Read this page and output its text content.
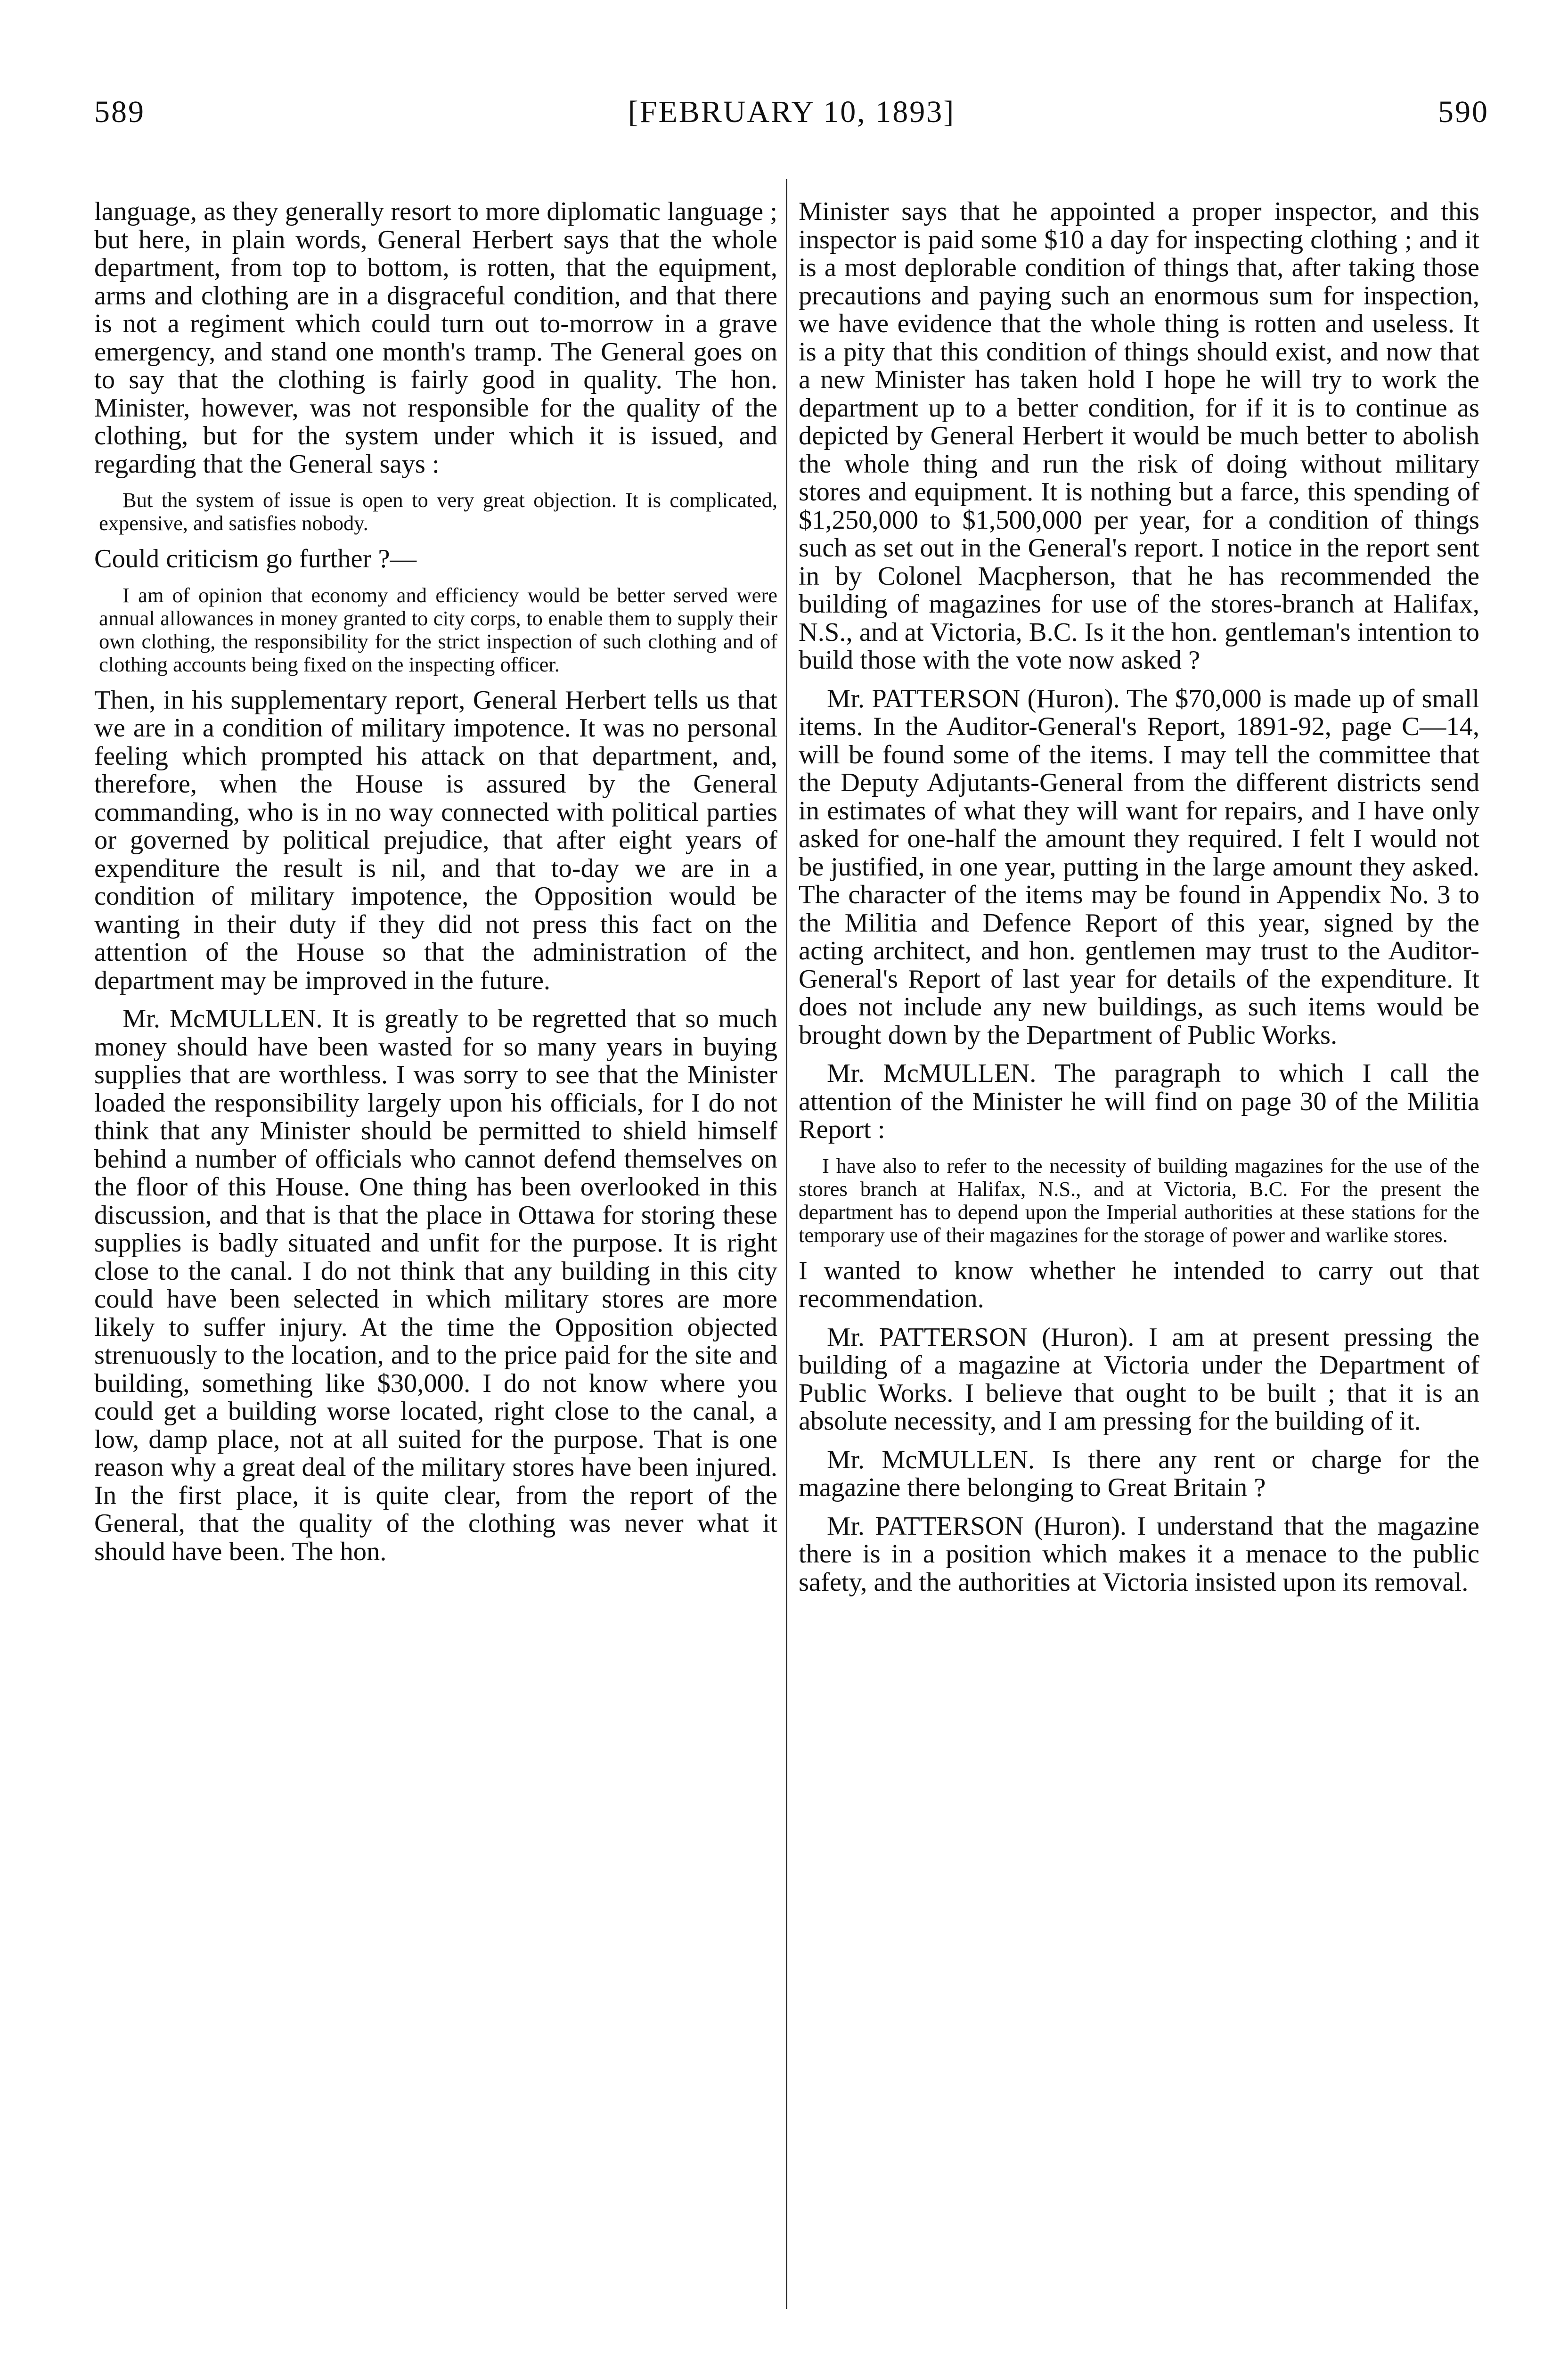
589	[FEBRUARY 10, 1893]	590

language, as they generally resort to more diplomatic language ; but here, in plain words, General Herbert says that the whole department, from top to bottom, is rotten, that the equipment, arms and clothing are in a disgraceful condition, and that there is not a regiment which could turn out to-morrow in a grave emergency, and stand one month's tramp. The General goes on to say that the clothing is fairly good in quality. The hon. Minister, however, was not responsible for the quality of the clothing, but for the system under which it is issued, and regarding that the General says :

But the system of issue is open to very great objection. It is complicated, expensive, and satisfies nobody.

Could criticism go further ?—

I am of opinion that economy and efficiency would be better served were annual allowances in money granted to city corps, to enable them to supply their own clothing, the responsibility for the strict inspection of such clothing and of clothing accounts being fixed on the inspecting officer.

Then, in his supplementary report, General Herbert tells us that we are in a condition of military impotence. It was no personal feeling which prompted his attack on that department, and, therefore, when the House is assured by the General commanding, who is in no way connected with political parties or governed by political prejudice, that after eight years of expenditure the result is nil, and that to-day we are in a condition of military impotence, the Opposition would be wanting in their duty if they did not press this fact on the attention of the House so that the administration of the department may be improved in the future.

Mr. McMULLEN. It is greatly to be regretted that so much money should have been wasted for so many years in buying supplies that are worthless. I was sorry to see that the Minister loaded the responsibility largely upon his officials, for I do not think that any Minister should be permitted to shield himself behind a number of officials who cannot defend themselves on the floor of this House. One thing has been overlooked in this discussion, and that is that the place in Ottawa for storing these supplies is badly situated and unfit for the purpose. It is right close to the canal. I do not think that any building in this city could have been selected in which military stores are more likely to suffer injury. At the time the Opposition objected strenuously to the location, and to the price paid for the site and building, something like $30,000. I do not know where you could get a building worse located, right close to the canal, a low, damp place, not at all suited for the purpose. That is one reason why a great deal of the military stores have been injured. In the first place, it is quite clear, from the report of the General, that the quality of the clothing was never what it should have been. The hon.

Minister says that he appointed a proper inspector, and this inspector is paid some $10 a day for inspecting clothing ; and it is a most deplorable condition of things that, after taking those precautions and paying such an enormous sum for inspection, we have evidence that the whole thing is rotten and useless. It is a pity that this condition of things should exist, and now that a new Minister has taken hold I hope he will try to work the department up to a better condition, for if it is to continue as depicted by General Herbert it would be much better to abolish the whole thing and run the risk of doing without military stores and equipment. It is nothing but a farce, this spending of $1,250,000 to $1,500,000 per year, for a condition of things such as set out in the General's report. I notice in the report sent in by Colonel Macpherson, that he has recommended the building of magazines for use of the stores-branch at Halifax, N.S., and at Victoria, B.C. Is it the hon. gentleman's intention to build those with the vote now asked ?

Mr. PATTERSON (Huron). The $70,000 is made up of small items. In the Auditor-General's Report, 1891-92, page C—14, will be found some of the items. I may tell the committee that the Deputy Adjutants-General from the different districts send in estimates of what they will want for repairs, and I have only asked for one-half the amount they required. I felt I would not be justified, in one year, putting in the large amount they asked. The character of the items may be found in Appendix No. 3 to the Militia and Defence Report of this year, signed by the acting architect, and hon. gentlemen may trust to the Auditor-General's Report of last year for details of the expenditure. It does not include any new buildings, as such items would be brought down by the Department of Public Works.

Mr. McMULLEN. The paragraph to which I call the attention of the Minister he will find on page 30 of the Militia Report :

I have also to refer to the necessity of building magazines for the use of the stores branch at Halifax, N.S., and at Victoria, B.C. For the present the department has to depend upon the Imperial authorities at these stations for the temporary use of their magazines for the storage of power and warlike stores.

I wanted to know whether he intended to carry out that recommendation.

Mr. PATTERSON (Huron). I am at present pressing the building of a magazine at Victoria under the Department of Public Works. I believe that ought to be built ; that it is an absolute necessity, and I am pressing for the building of it.

Mr. McMULLEN. Is there any rent or charge for the magazine there belonging to Great Britain ?

Mr. PATTERSON (Huron). I understand that the magazine there is in a position which makes it a menace to the public safety, and the authorities at Victoria insisted upon its removal.
